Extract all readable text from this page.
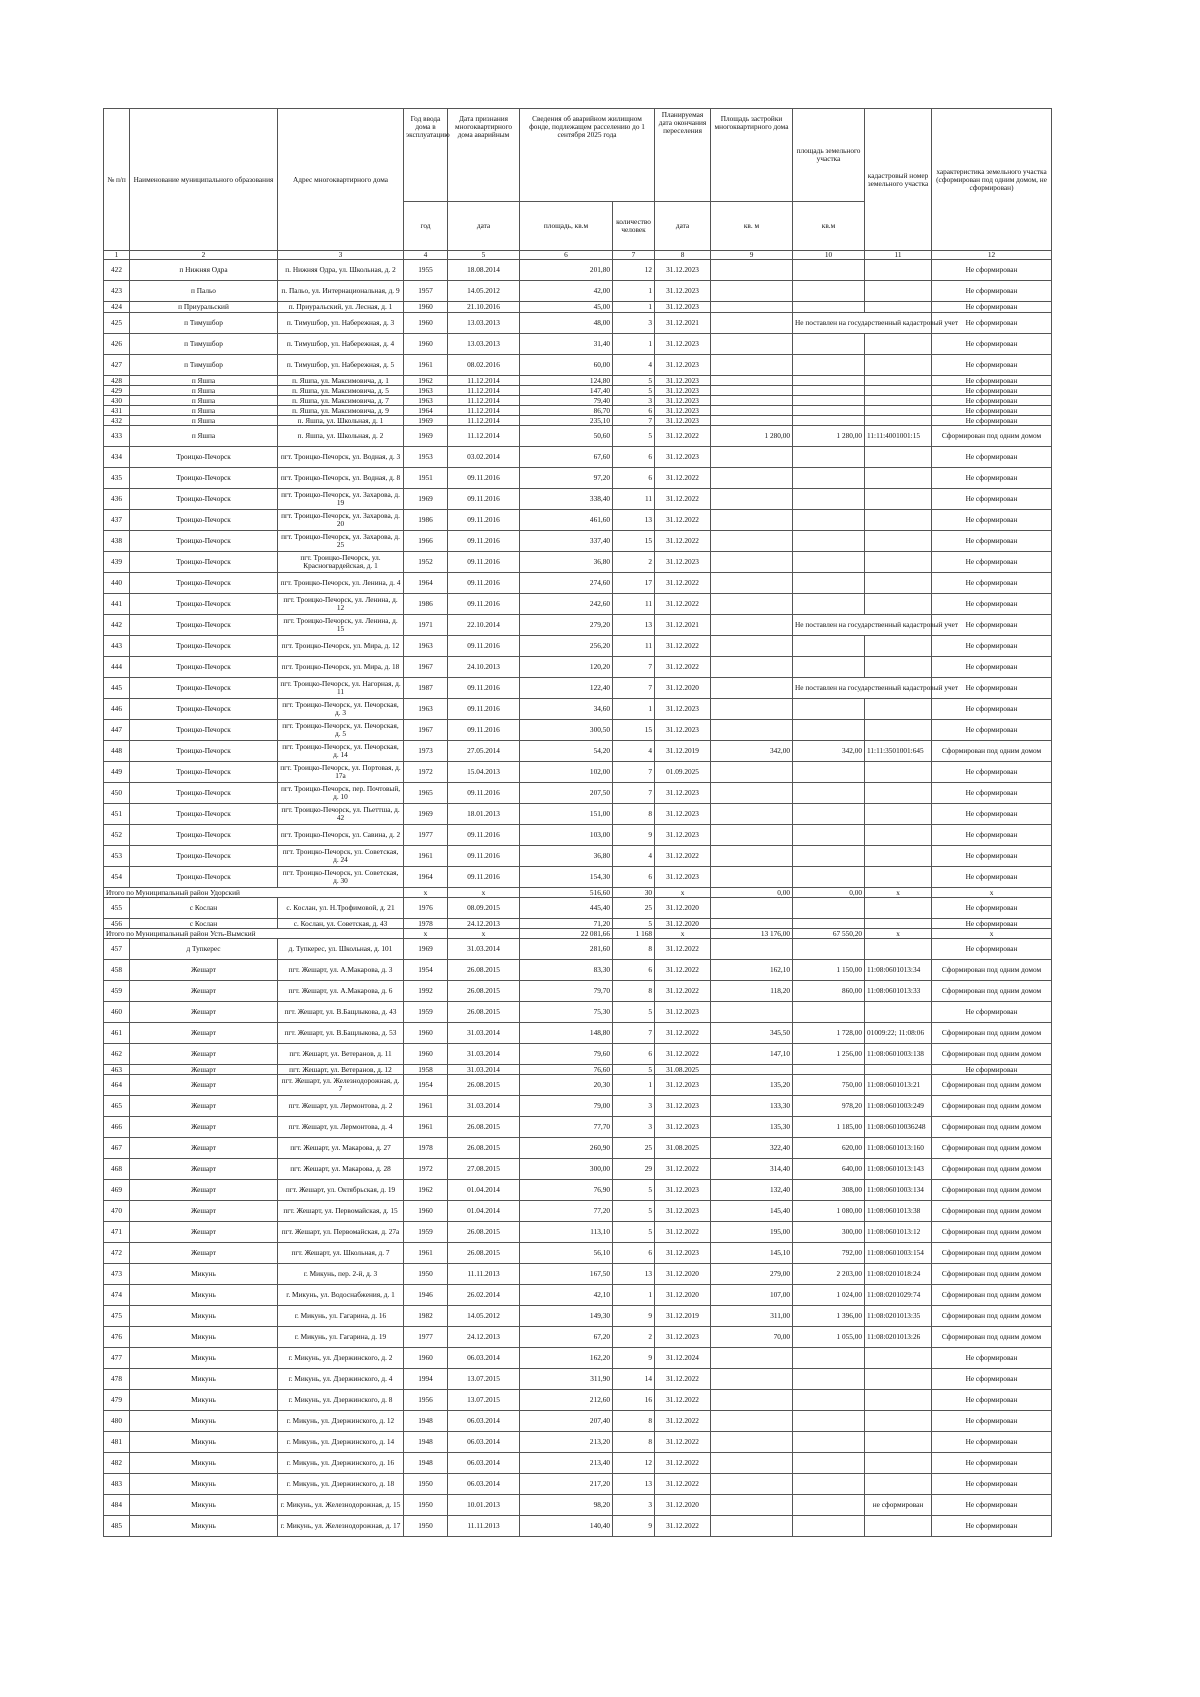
№ п/п	Наименование муниципального образования	Адрес многоквартирного дома	Год ввода дома в эксплуатацию	Дата признания многоквартирного дома аварийным	Сведения об аварийном жилищном фонде, подлежащем расселению до 1 сентября 2025 года		Планируемая дата окончания переселения	Площадь застройки многоквартирного дома	площадь земельного участка	кадастровый номер земельного участка	характеристика земельного участка (сформирован под одним домом, не сформирован)
			год	дата	площадь, кв.м	количество человек	дата	кв. м	кв.м		
1	2	3	4	5	6	7	8	9	10	11	12
422	п Нижняя Одра	п. Нижняя Одра, ул. Школьная, д. 2	1955	18.08.2014	201,80	12	31.12.2023				Не сформирован
423	п Пальо	п. Пальо, ул. Интернациональная, д. 9	1957	14.05.2012	42,00	1	31.12.2023				Не сформирован
424	п Приуральский	п. Приуральский, ул. Лесная, д. 1	1960	21.10.2016	45,00	1	31.12.2023				Не сформирован
425	п Тимушбор	п. Тимушбор, ул. Набережная, д. 3	1960	13.03.2013	48,00	3	31.12.2021		Не поставлен на государственный кадастровый учет		Не сформирован
426	п Тимушбор	п. Тимушбор, ул. Набережная, д. 4	1960	13.03.2013	31,40	1	31.12.2023				Не сформирован
427	п Тимушбор	п. Тимушбор, ул. Набережная, д. 5	1961	08.02.2016	60,00	4	31.12.2023				Не сформирован
428	п Яшпа	п. Яшпа, ул. Максимовича, д. 1	1962	11.12.2014	124,80	5	31.12.2023				Не сформирован
429	п Яшпа	п. Яшпа, ул. Максимовича, д. 5	1963	11.12.2014	147,40	5	31.12.2023				Не сформирован
430	п Яшпа	п. Яшпа, ул. Максимовича, д. 7	1963	11.12.2014	79,40	3	31.12.2023				Не сформирован
431	п Яшпа	п. Яшпа, ул. Максимовича, д. 9	1964	11.12.2014	86,70	6	31.12.2023				Не сформирован
432	п Яшпа	п. Яшпа, ул. Школьная, д. 1	1969	11.12.2014	235,10	7	31.12.2023				Не сформирован
433	п Яшпа	п. Яшпа, ул. Школьная, д. 2	1969	11.12.2014	50,60	5	31.12.2022	1 280,00	1 280,00	11:11:4001001:15	Сформирован под одним домом
434	Троицко-Печорск	пгт. Троицко-Печорск, ул. Водная, д. 3	1953	03.02.2014	67,60	6	31.12.2023				Не сформирован
435	Троицко-Печорск	пгт. Троицко-Печорск, ул. Водная, д. 8	1951	09.11.2016	97,20	6	31.12.2022				Не сформирован
436	Троицко-Печорск	пгт. Троицко-Печорск, ул. Захарова, д. 19	1969	09.11.2016	338,40	11	31.12.2022				Не сформирован
437	Троицко-Печорск	пгт. Троицко-Печорск, ул. Захарова, д. 20	1986	09.11.2016	461,60	13	31.12.2022				Не сформирован
438	Троицко-Печорск	пгт. Троицко-Печорск, ул. Захарова, д. 25	1966	09.11.2016	337,40	15	31.12.2022				Не сформирован
439	Троицко-Печорск	пгт. Троицко-Печорск, ул. Красногвардейская, д. 1	1952	09.11.2016	36,80	2	31.12.2023				Не сформирован
440	Троицко-Печорск	пгт. Троицко-Печорск, ул. Ленина, д. 4	1964	09.11.2016	274,60	17	31.12.2022				Не сформирован
441	Троицко-Печорск	пгт. Троицко-Печорск, ул. Ленина, д. 12	1986	09.11.2016	242,60	11	31.12.2022				Не сформирован
442	Троицко-Печорск	пгт. Троицко-Печорск, ул. Ленина, д. 15	1971	22.10.2014	279,20	13	31.12.2021		Не поставлен на государственный кадастровый учет		Не сформирован
443	Троицко-Печорск	пгт. Троицко-Печорск, ул. Мира, д. 12	1963	09.11.2016	256,20	11	31.12.2022				Не сформирован
444	Троицко-Печорск	пгт. Троицко-Печорск, ул. Мира, д. 18	1967	24.10.2013	120,20	7	31.12.2022				Не сформирован
445	Троицко-Печорск	пгт. Троицко-Печорск, ул. Нагорная, д. 11	1987	09.11.2016	122,40	7	31.12.2020		Не поставлен на государственный кадастровый учет		Не сформирован
446	Троицко-Печорск	пгт. Троицко-Печорск, ул. Печорская, д. 3	1963	09.11.2016	34,60	1	31.12.2023				Не сформирован
447	Троицко-Печорск	пгт. Троицко-Печорск, ул. Печорская, д. 5	1967	09.11.2016	300,50	15	31.12.2023				Не сформирован
448	Троицко-Печорск	пгт. Троицко-Печорск, ул. Печорская, д. 14	1973	27.05.2014	54,20	4	31.12.2019	342,00	342,00	11:11:3501001:645	Сформирован под одним домом
449	Троицко-Печорск	пгт. Троицко-Печорск, ул. Портовая, д. 17а	1972	15.04.2013	102,00	7	01.09.2025				Не сформирован
450	Троицко-Печорск	пгт. Троицко-Печорск, пер. Почтовый, д. 10	1965	09.11.2016	207,50	7	31.12.2023				Не сформирован
451	Троицко-Печорск	пгт. Троицко-Печорск, ул. Пьеттша, д. 42	1969	18.01.2013	151,00	8	31.12.2023				Не сформирован
452	Троицко-Печорск	пгт. Троицко-Печорск, ул. Савина, д. 2	1977	09.11.2016	103,00	9	31.12.2023				Не сформирован
453	Троицко-Печорск	пгт. Троицко-Печорск, ул. Советская, д. 24	1961	09.11.2016	36,80	4	31.12.2022				Не сформирован
454	Троицко-Печорск	пгт. Троицко-Печорск, ул. Советская, д. 30	1964	09.11.2016	154,30	6	31.12.2023				Не сформирован
Итого по Муниципальный район Удорский			x	x	516,60	30	x	0,00	0,00	x	x
455	с Кослан	с. Кослан, ул. Н.Трофимовой, д. 21	1976	08.09.2015	445,40	25	31.12.2020				Не сформирован
456	с Кослан	с. Кослан, ул. Советская, д. 43	1978	24.12.2013	71,20	5	31.12.2020				Не сформирован
Итого по Муниципальный район Усть-Вымский			x	x	22 081,66	1 168	x	13 176,00	67 550,20	x	x
457	д Тупкерес	д. Тупкерес, ул. Школьная, д. 101	1969	31.03.2014	281,60	8	31.12.2022				Не сформирован
458	Жешарт	пгт. Жешарт, ул. А.Макарова, д. 3	1954	26.08.2015	83,30	6	31.12.2022	162,10	1 150,00	11:08:0601013:34	Сформирован под одним домом
459	Жешарт	пгт. Жешарт, ул. А.Макарова, д. 6	1992	26.08.2015	79,70	8	31.12.2022	118,20	860,00	11:08:0601013:33	Сформирован под одним домом
460	Жешарт	пгт. Жешарт, ул. В.Бащлыкова, д. 43	1959	26.08.2015	75,30	5	31.12.2023				Не сформирован
461	Жешарт	пгт. Жешарт, ул. В.Бащлыкова, д. 53	1960	31.03.2014	148,80	7	31.12.2022	345,50	1 728,00	01009:22; 11:08:06	Сформирован под одним домом
462	Жешарт	пгт. Жешарт, ул. Ветеранов, д. 11	1960	31.03.2014	79,60	6	31.12.2022	147,10	1 256,00	11:08:0601003:138	Сформирован под одним домом
463	Жешарт	пгт. Жешарт, ул. Ветеранов, д. 12	1958	31.03.2014	76,60	5	31.08.2025				Не сформирован
464	Жешарт	пгт. Жешарт, ул. Железнодорожная, д. 7	1954	26.08.2015	20,30	1	31.12.2023	135,20	750,00	11:08:0601013:21	Сформирован под одним домом
465	Жешарт	пгт. Жешарт, ул. Лермонтова, д. 2	1961	31.03.2014	79,00	3	31.12.2023	133,30	978,20	11:08:0601003:249	Сформирован под одним домом
466	Жешарт	пгт. Жешарт, ул. Лермонтова, д. 4	1961	26.08.2015	77,70	3	31.12.2023	135,30	1 185,00	11:08:06010036248	Сформирован под одним домом
467	Жешарт	пгт. Жешарт, ул. Макарова, д. 27	1978	26.08.2015	260,90	25	31.08.2025	322,40	620,00	11:08:0601013:160	Сформирован под одним домом
468	Жешарт	пгт. Жешарт, ул. Макарова, д. 28	1972	27.08.2015	300,00	29	31.12.2022	314,40	640,00	11:08:0601013:143	Сформирован под одним домом
469	Жешарт	пгт. Жешарт, ул. Октябрьская, д. 19	1962	01.04.2014	76,90	5	31.12.2023	132,40	308,00	11:08:0601003:134	Сформирован под одним домом
470	Жешарт	пгт. Жешарт, ул. Первомайская, д. 15	1960	01.04.2014	77,20	5	31.12.2023	145,40	1 080,00	11:08:0601013:38	Сформирован под одним домом
471	Жешарт	пгт. Жешарт, ул. Первомайская, д. 27а	1959	26.08.2015	113,10	5	31.12.2022	195,00	300,00	11:08:0601013:12	Сформирован под одним домом
472	Жешарт	пгт. Жешарт, ул. Школьная, д. 7	1961	26.08.2015	56,10	6	31.12.2023	145,10	792,00	11:08:0601003:154	Сформирован под одним домом
473	Микунь	г. Микунь, пер. 2-й, д. 3	1950	11.11.2013	167,50	13	31.12.2020	279,00	2 203,00	11:08:0201018:24	Сформирован под одним домом
474	Микунь	г. Микунь, ул. Водоснабжения, д. 1	1946	26.02.2014	42,10	1	31.12.2020	107,00	1 024,00	11:08:0201029:74	Сформирован под одним домом
475	Микунь	г. Микунь, ул. Гагарина, д. 16	1982	14.05.2012	149,30	9	31.12.2019	311,00	1 396,00	11:08:0201013:35	Сформирован под одним домом
476	Микунь	г. Микунь, ул. Гагарина, д. 19	1977	24.12.2013	67,20	2	31.12.2023	70,00	1 055,00	11:08:0201013:26	Сформирован под одним домом
477	Микунь	г. Микунь, ул. Дзержинского, д. 2	1960	06.03.2014	162,20	9	31.12.2024				Не сформирован
478	Микунь	г. Микунь, ул. Дзержинского, д. 4	1994	13.07.2015	311,90	14	31.12.2022				Не сформирован
479	Микунь	г. Микунь, ул. Дзержинского, д. 8	1956	13.07.2015	212,60	16	31.12.2022				Не сформирован
480	Микунь	г. Микунь, ул. Дзержинского, д. 12	1948	06.03.2014	207,40	8	31.12.2022				Не сформирован
481	Микунь	г. Микунь, ул. Дзержинского, д. 14	1948	06.03.2014	213,20	8	31.12.2022				Не сформирован
482	Микунь	г. Микунь, ул. Дзержинского, д. 16	1948	06.03.2014	213,40	12	31.12.2022				Не сформирован
483	Микунь	г. Микунь, ул. Дзержинского, д. 18	1950	06.03.2014	217,20	13	31.12.2022				Не сформирован
484	Микунь	г. Микунь, ул. Железнодорожная, д. 15	1950	10.01.2013	98,20	3	31.12.2020			не сформирован	Не сформирован
485	Микунь	г. Микунь, ул. Железнодорожная, д. 17	1950	11.11.2013	140,40	9	31.12.2022				Не сформирован
